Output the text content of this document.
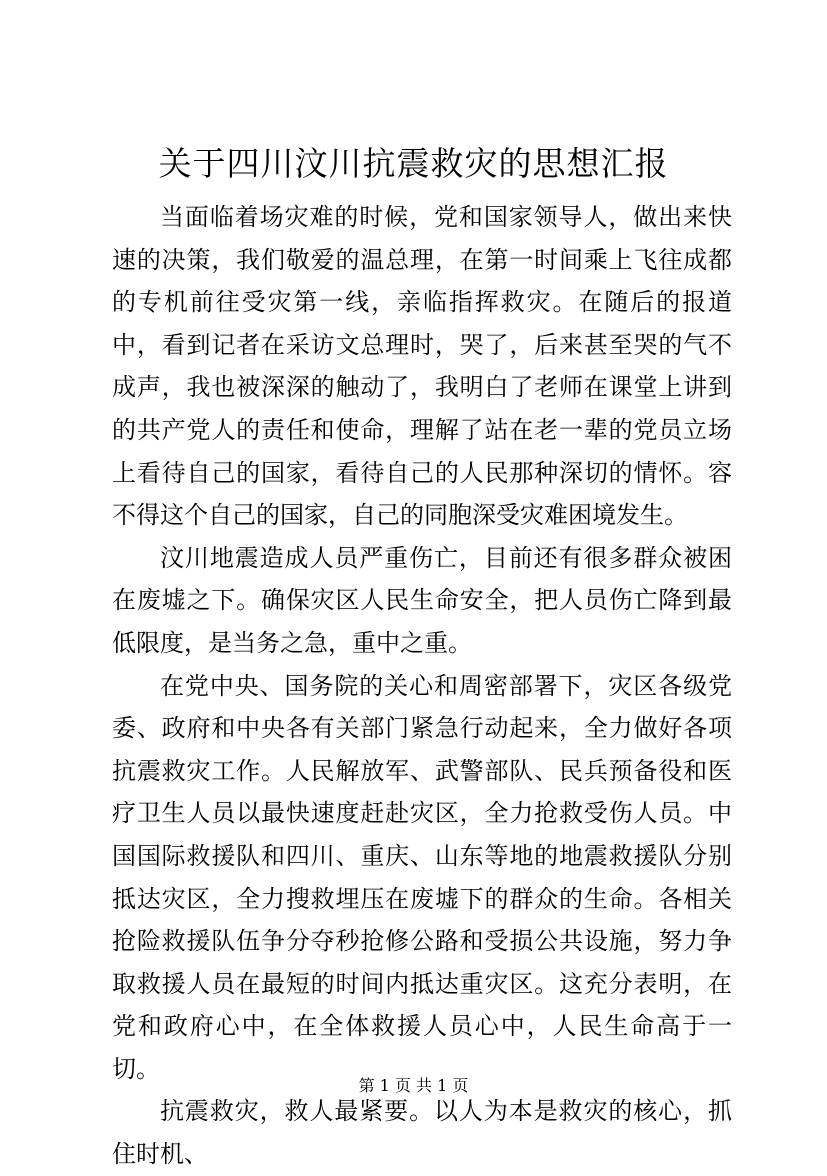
关于四川汶川抗震救灾的思想汇报

当面临着场灾难的时候，党和国家领导人，做出来快速的决策，我们敬爱的温总理，在第一时间乘上飞往成都的专机前往受灾第一线，亲临指挥救灾。在随后的报道中，看到记者在采访文总理时，哭了，后来甚至哭的气不成声，我也被深深的触动了，我明白了老师在课堂上讲到的共产党人的责任和使命，理解了站在老一辈的党员立场上看待自己的国家，看待自己的人民那种深切的情怀。容不得这个自己的国家，自己的同胞深受灾难困境发生。

汶川地震造成人员严重伤亡，目前还有很多群众被困在废墟之下。确保灾区人民生命安全，把人员伤亡降到最低限度，是当务之急，重中之重。

在党中央、国务院的关心和周密部署下，灾区各级党委、政府和中央各有关部门紧急行动起来，全力做好各项抗震救灾工作。人民解放军、武警部队、民兵预备役和医疗卫生人员以最快速度赶赴灾区，全力抢救受伤人员。中国国际救援队和四川、重庆、山东等地的地震救援队分别抵达灾区，全力搜救埋压在废墟下的群众的生命。各相关抢险救援队伍争分夺秒抢修公路和受损公共设施，努力争取救援人员在最短的时间内抵达重灾区。这充分表明，在党和政府心中，在全体救援人员心中，人民生命高于一切。

抗震救灾，救人最紧要。以人为本是救灾的核心，抓住时机、

第 1 页 共 1 页
